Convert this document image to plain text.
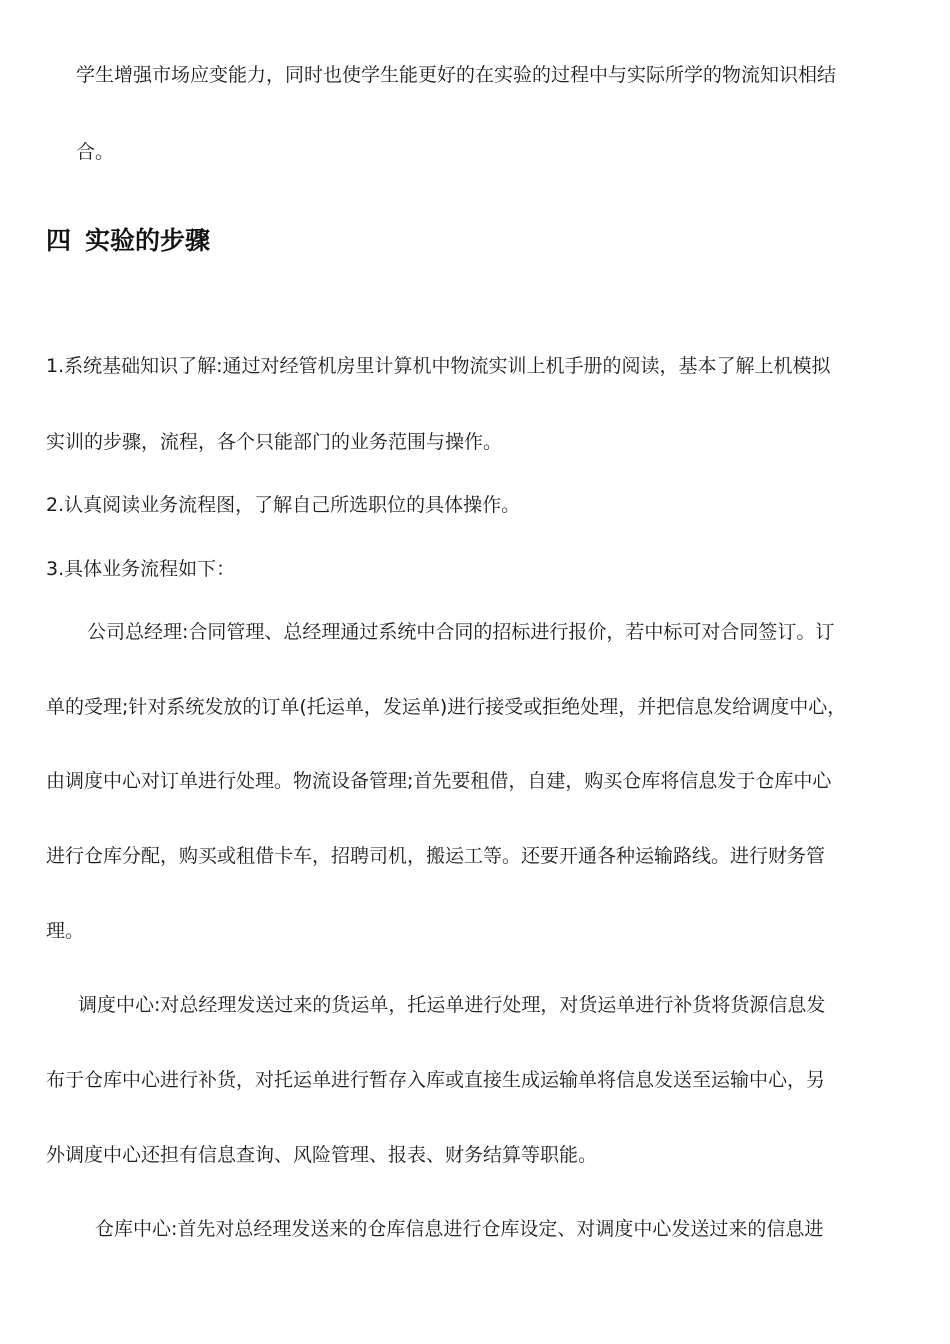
学生增强市场应变能力，同时也使学生能更好的在实验的过程中与实际所学的物流知识相结
合。
四 实验的步骤
1.系统基础知识了解:通过对经管机房里计算机中物流实训上机手册的阅读，基本了解上机模拟
实训的步骤，流程，各个只能部门的业务范围与操作。
2.认真阅读业务流程图，了解自己所选职位的具体操作。
3.具体业务流程如下：
公司总经理:合同管理、总经理通过系统中合同的招标进行报价，若中标可对合同签订。订
单的受理;针对系统发放的订单(托运单，发运单)进行接受或拒绝处理，并把信息发给调度中心，
由调度中心对订单进行处理。物流设备管理;首先要租借，自建，购买仓库将信息发于仓库中心
进行仓库分配，购买或租借卡车，招聘司机，搬运工等。还要开通各种运输路线。进行财务管
理。
调度中心:对总经理发送过来的货运单，托运单进行处理，对货运单进行补货将货源信息发
布于仓库中心进行补货，对托运单进行暂存入库或直接生成运输单将信息发送至运输中心，另
外调度中心还担有信息查询、风险管理、报表、财务结算等职能。
仓库中心:首先对总经理发送来的仓库信息进行仓库设定、对调度中心发送过来的信息进
